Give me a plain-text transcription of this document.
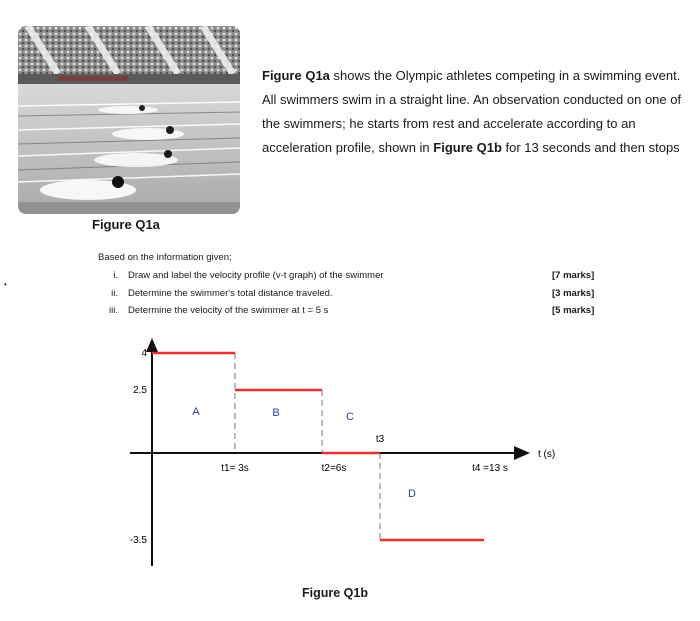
Figure Q1a

Figure Q1a shows the Olympic athletes competing in a swimming event. All swimmers swim in a straight line. An observation conducted on one of the swimmers; he starts from rest and accelerate according to an acceleration profile, shown in Figure Q1b for 13 seconds and then stops

Based on the information given;
i. Draw and label the velocity profile (v-t graph) of the swimmer	[7 marks]
ii. Determine the swimmer's total distance traveled.	[3 marks]
iii. Determine the velocity of the swimmer at t = 5 s	[5 marks]
•
4
2.5
-3.5
t1= 3s	t2=6s
t3
t4 =13 s
t (s)
A	B	C
D
Figure Q1b
